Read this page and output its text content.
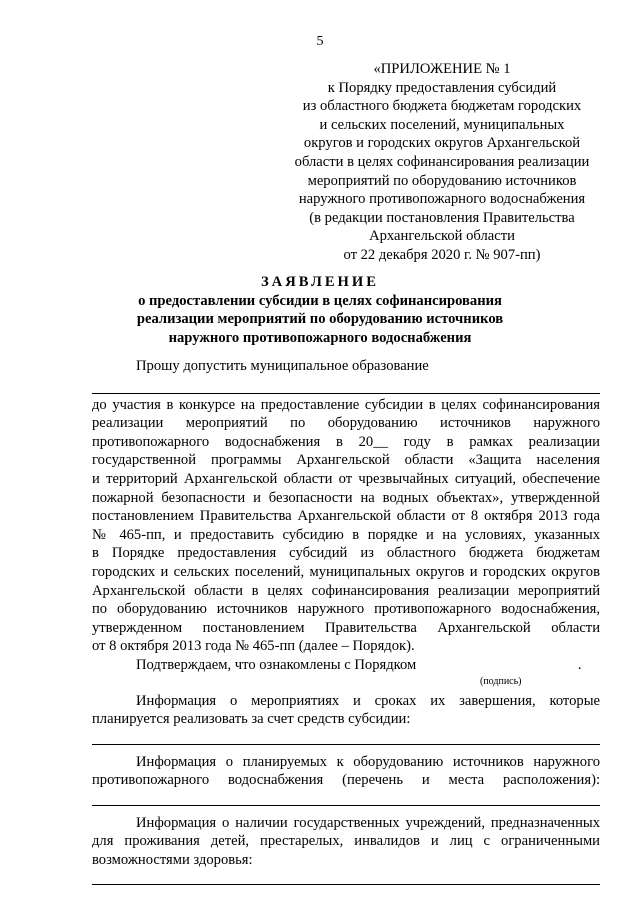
5
«ПРИЛОЖЕНИЕ № 1
к Порядку предоставления субсидий
из областного бюджета бюджетам городских
и сельских поселений, муниципальных
округов и городских округов Архангельской
области в целях софинансирования реализации
мероприятий по оборудованию источников
наружного противопожарного водоснабжения
(в редакции постановления Правительства
Архангельской области
от 22 декабря 2020 г. № 907-пп)
ЗАЯВЛЕНИЕ
о предоставлении субсидии в целях софинансирования
реализации мероприятий по оборудованию источников
наружного противопожарного водоснабжения
Прошу допустить муниципальное образование
до участия в конкурсе на предоставление субсидии в целях софинансирования
реализации мероприятий по оборудованию источников наружного
противопожарного водоснабжения в 20__ году в рамках реализации
государственной программы Архангельской области «Защита населения
и территорий Архангельской области от чрезвычайных ситуаций, обеспечение
пожарной безопасности и безопасности на водных объектах», утвержденной
постановлением Правительства Архангельской области от 8 октября 2013 года
№ 465-пп, и предоставить субсидию в порядке и на условиях, указанных
в Порядке предоставления субсидий из областного бюджета бюджетам
городских и сельских поселений, муниципальных округов и городских округов
Архангельской области в целях софинансирования реализации мероприятий
по оборудованию источников наружного противопожарного водоснабжения,
утвержденном постановлением Правительства Архангельской области
от 8 октября 2013 года № 465-пп (далее – Порядок).
Подтверждаем, что ознакомлены с Порядком	.
(подпись)
Информация о мероприятиях и сроках их завершения, которые
планируется реализовать за счет средств субсидии:
Информация о планируемых к оборудованию источников наружного
противопожарного водоснабжения (перечень и места расположения):
Информация о наличии государственных учреждений, предназначенных
для проживания детей, престарелых, инвалидов и лиц с ограниченными
возможностями здоровья:
